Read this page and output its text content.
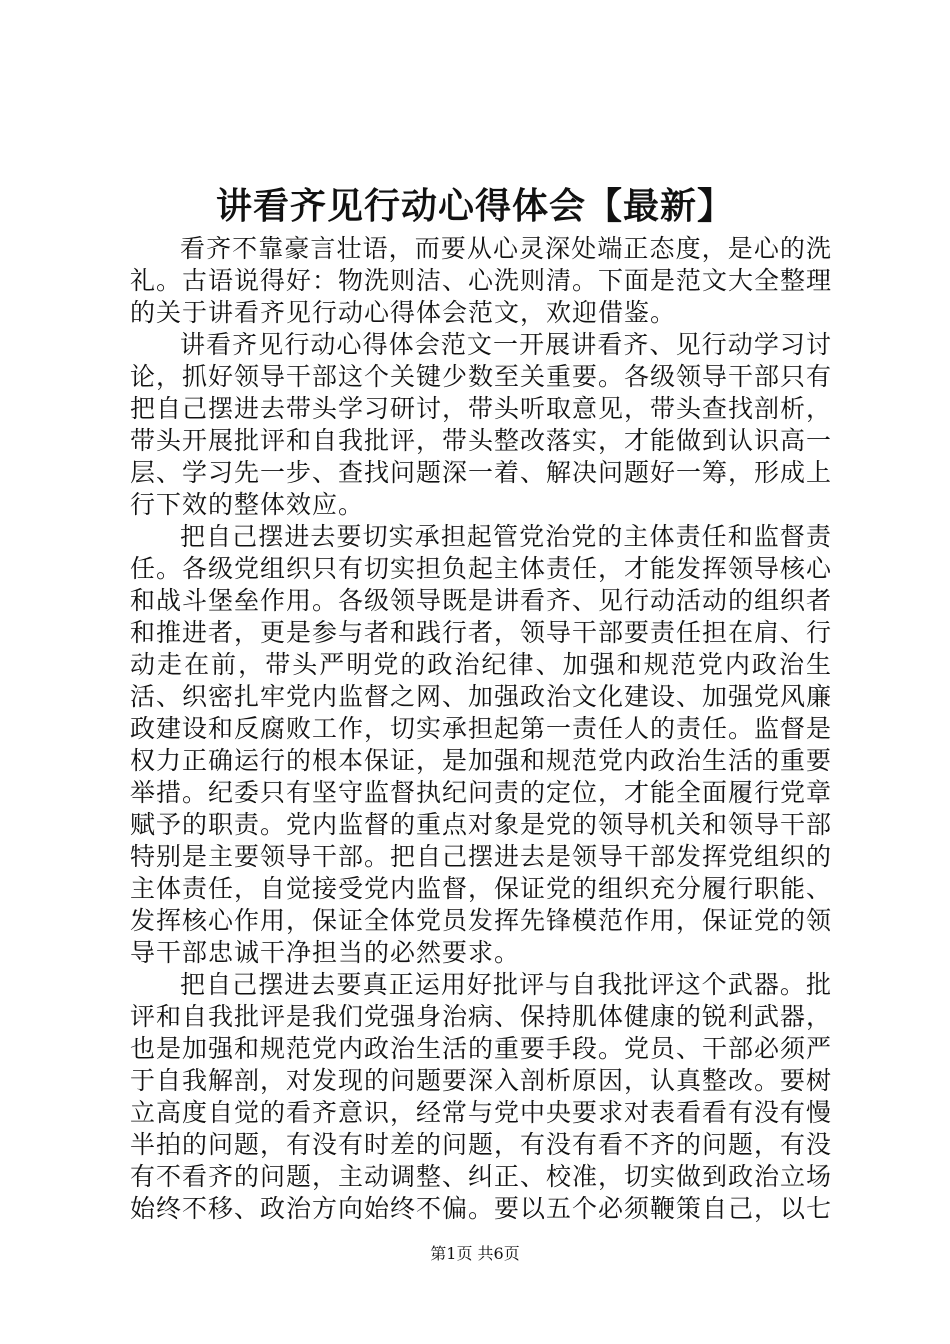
讲看齐见行动心得体会【最新】

看齐不靠豪言壮语，而要从心灵深处端正态度，是心的洗礼。古语说得好：物洗则洁、心洗则清。下面是范文大全整理的关于讲看齐见行动心得体会范文，欢迎借鉴。

讲看齐见行动心得体会范文一开展讲看齐、见行动学习讨论，抓好领导干部这个关键少数至关重要。各级领导干部只有把自己摆进去带头学习研讨，带头听取意见，带头查找剖析，带头开展批评和自我批评，带头整改落实，才能做到认识高一层、学习先一步、查找问题深一着、解决问题好一筹，形成上行下效的整体效应。

把自己摆进去要切实承担起管党治党的主体责任和监督责任。各级党组织只有切实担负起主体责任，才能发挥领导核心和战斗堡垒作用。各级领导既是讲看齐、见行动活动的组织者和推进者，更是参与者和践行者，领导干部要责任担在肩、行动走在前，带头严明党的政治纪律、加强和规范党内政治生活、织密扎牢党内监督之网、加强政治文化建设、加强党风廉政建设和反腐败工作，切实承担起第一责任人的责任。监督是权力正确运行的根本保证，是加强和规范党内政治生活的重要举措。纪委只有坚守监督执纪问责的定位，才能全面履行党章赋予的职责。党内监督的重点对象是党的领导机关和领导干部特别是主要领导干部。把自己摆进去是领导干部发挥党组织的主体责任，自觉接受党内监督，保证党的组织充分履行职能、发挥核心作用，保证全体党员发挥先锋模范作用，保证党的领导干部忠诚干净担当的必然要求。

把自己摆进去要真正运用好批评与自我批评这个武器。批评和自我批评是我们党强身治病、保持肌体健康的锐利武器，也是加强和规范党内政治生活的重要手段。党员、干部必须严于自我解剖，对发现的问题要深入剖析原因，认真整改。要树立高度自觉的看齐意识，经常与党中央要求对表看看有没有慢半拍的问题，有没有时差的问题，有没有看不齐的问题，有没有不看齐的问题，主动调整、纠正、校准，切实做到政治立场始终不移、政治方向始终不偏。要以五个必须鞭策自己，以七

第1页 共6页
